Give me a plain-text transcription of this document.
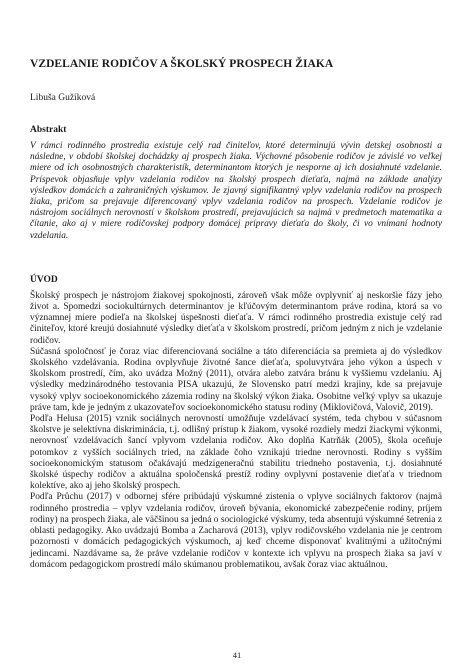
VZDELANIE RODIČOV A ŠKOLSKÝ PROSPECH ŽIAKA
Libuša Gužíková
Abstrakt
V rámci rodinného prostredia existuje celý rad činiteľov, ktoré determinujú vývin detskej osobnosti a následne, v období školskej dochádzky aj prospech žiaka. Výchovné pôsobenie rodičov je závislé vo veľkej miere od ich osobnostných charakteristík, determinantom ktorých je nesporne aj ich dosiahnuté vzdelanie. Príspevok objasňuje vplyv vzdelania rodičov na školský prospech dieťaťa, najmä na základe analýzy výsledkov domácich a zahraničných výskumov. Je zjavný signifikantný vplyv vzdelania rodičov na prospech žiaka, pričom sa prejavuje diferencovaný vplyv vzdelania rodičov na prospech. Vzdelanie rodičov je nástrojom sociálnych nerovností v školskom prostredí, prejavujúcich sa najmä v predmetoch matematika a čítanie, ako aj v miere rodičovskej podpory domácej prípravy dieťaťa do školy, či vo vnímaní hodnoty vzdelania.
ÚVOD

Školský prospech je nástrojom žiakovej spokojnosti, zároveň však môže ovplyvniť aj neskoršie fázy jeho život a. Spomedzi sociokultúrnych determinantov je kľúčovým determinantom práve rodina, ktorá sa vo významnej miere podieľa na školskej úspešnosti dieťaťa. V rámci rodinného prostredia existuje celý rad činiteľov, ktoré kreujú dosiahnuté výsledky dieťaťa v školskom prostredí, pričom jedným z nich je vzdelanie rodičov.

Súčasná spoločnosť je čoraz viac diferenciovaná sociálne a táto diferenciácia sa premieta aj do výsledkov školského vzdelávania. Rodina ovplyvňuje životné šance dieťaťa, spoluvytvára jeho výkon a úspech v školskom prostredí, čím, ako uvádza Možný (2011), otvára alebo zatvára bránu k vyššiemu vzdelaniu. Aj výsledky medzinárodného testovania PISA ukazujú, že Slovensko patrí medzi krajiny, kde sa prejavuje vysoký vplyv socioekonomického zázemia rodiny na školský výkon žiaka. Osobitne veľký vplyv sa ukazuje práve tam, kde je jedným z ukazovateľov socioekonomického statusu rodiny (Miklovičová, Valovič, 2019).

Podľa Helusa (2015) vznik sociálnych nerovností umožňuje vzdelávací systém, teda chybou v súčasnom školstve je selektívna diskriminácia, t.j. odlišný prístup k žiakom, vysoké rozdiely medzi žiackymi výkonmi, nerovnosť vzdelávacích šancí vplyvom vzdelania rodičov. Ako doplňa Katrňák (2005), škola oceňuje potomkov z vyšších sociálnych tried, na základe čoho vznikajú triedne nerovnosti. Rodiny s vyšším socioekonomickým statusom očakávajú medzigeneračnú stabilitu triedneho postavenia, t.j. dosiahnuté školské úspechy rodičov a aktuálna spoločenská prestíž rodiny ovplyvní postavenie dieťaťa v triednom kolektíve, ako aj jeho školský prospech.

Podľa Průchu (2017) v odbornej sfére pribúdajú výskumné zistenia o vplyve sociálnych faktorov (najmä rodinného prostredia – vplyv vzdelania rodičov, úroveň bývania, ekonomické zabezpečenie rodiny, príjem rodiny) na prospech žiaka, ale väčšinou sa jedná o sociologické výskumy, teda absentujú výskumné šetrenia z oblasti pedagogiky. Ako uvádzajú Bomba a Zacharová (2013), vplyv rodičovského vzdelania nie je centrom pozornosti v domácich pedagogických výskumoch, aj keď chceme disponovať kvalitnými a užitočnými jedincami. Nazdávame sa, že práve vzdelanie rodičov v kontexte ich vplyvu na prospech žiaka sa javí v domácom pedagogickom prostredí málo skúmanou problematikou, avšak čoraz viac aktuálnou.

41
